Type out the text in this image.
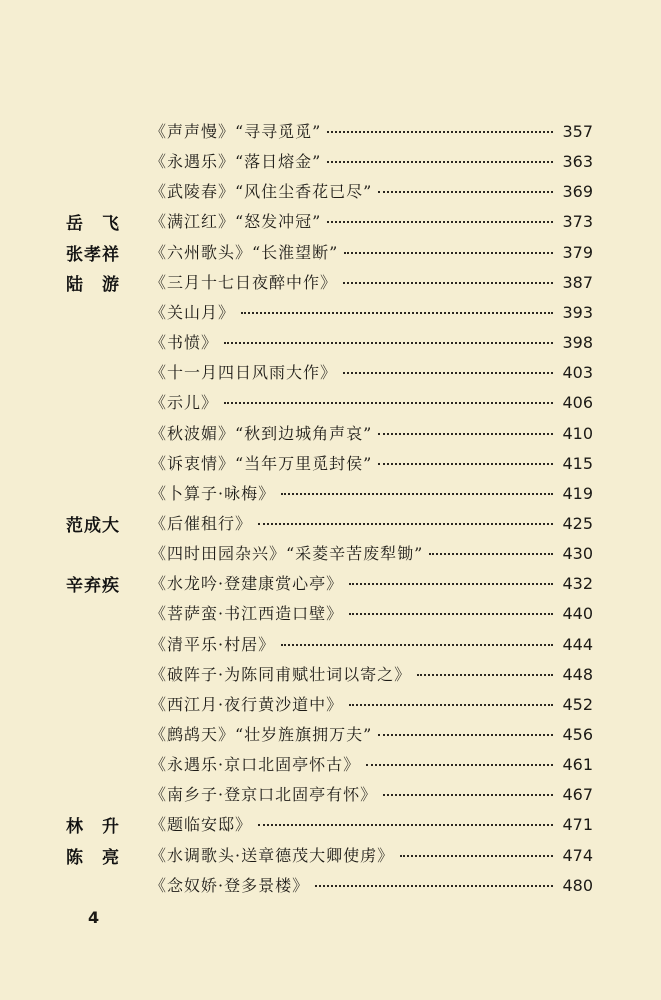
《声声慢》“寻寻觅觅”	357
《永遇乐》“落日熔金”	363
《武陵春》“风住尘香花已尽”	369
岳　飞	《满江红》“怒发冲冠”	373
张孝祥	《六州歌头》“长淮望断”	379
陆　游	《三月十七日夜醉中作》	387
《关山月》	393
《书愤》	398
《十一月四日风雨大作》	403
《示儿》	406
《秋波媚》“秋到边城角声哀”	410
《诉衷情》“当年万里觅封侯”	415
《卜算子·咏梅》	419
范成大	《后催租行》	425
《四时田园杂兴》“采菱辛苦废犁锄”	430
辛弃疾	《水龙吟·登建康赏心亭》	432
《菩萨蛮·书江西造口壁》	440
《清平乐·村居》	444
《破阵子·为陈同甫赋壮词以寄之》	448
《西江月·夜行黄沙道中》	452
《鹧鸪天》“壮岁旌旗拥万夫”	456
《永遇乐·京口北固亭怀古》	461
《南乡子·登京口北固亭有怀》	467
林　升	《题临安邸》	471
陈　亮	《水调歌头·送章德茂大卿使虏》	474
《念奴娇·登多景楼》	480
4
